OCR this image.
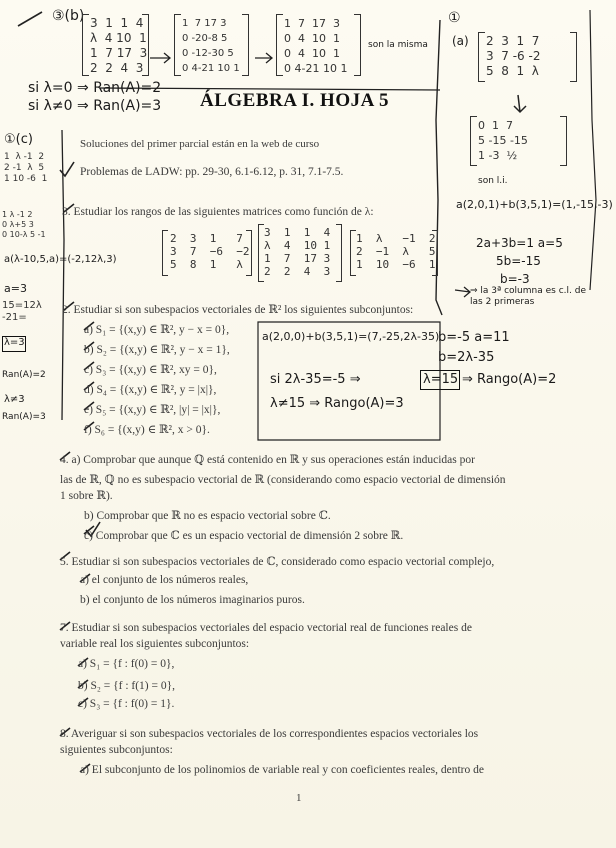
③(b) 3  1  1  4
λ  4 10  1
1  7 17  3
2  2  4  3
1  7 17 3
0 -20-8 5
0 -12-30 5
0 4-21 10 1
1  7  17  3
0  4  10  1
0  4  10  1
0 4-21 10 1
son la misma
si λ=0 ⇒ Ran(A)=2
si λ≠0 ⇒ Ran(A)=3 ÁLGEBRA I. HOJA 5
①
(a) 2  3  1  7
3  7 -6 -2
5  8  1  λ
0  1  7
5 -15 -15
1 -3  ½
son l.i.
a(2,0,1)+b(3,5,1)=(1,-15,-3)
2a+3b=1 a=5
5b=-15
b=-3
⇒ la 3ª columna es c.l. de las 2 primeras
①(c)
1  λ -1  2
2 -1  λ  5
1 10 -6  1
1 λ -1 2
0 λ+5 3
0 10-λ 5 -1
a(λ-10,5,a)=(-2,12λ,3)
a=3
15=12λ
-21=
λ=3
Ran(A)=2
λ≠3
Ran(A)=3
Soluciones del primer parcial están en la web de curso
Problemas de LADW: pp. 29-30, 6.1-6.12, p. 31, 7.1-7.5.
3. Estudiar los rangos de las siguientes matrices como función de λ:
2  3  1   7
3  7  −6  −2
5  8  1   λ
3  1  1  4
λ  4  10 1
1  7  17 3
2  2  4  3
1  λ   −1  2
2  −1  λ   5
1  10  −6  1
2. Estudiar si son subespacios vectoriales de ℝ² los siguientes subconjuntos:
a) S₁ = {(x,y) ∈ ℝ², y − x = 0},
b) S₂ = {(x,y) ∈ ℝ², y − x = 1},
c) S₃ = {(x,y) ∈ ℝ², xy = 0},
d) S₄ = {(x,y) ∈ ℝ², y = |x|},
e) S₅ = {(x,y) ∈ ℝ², |y| = |x|},
f) S₆ = {(x,y) ∈ ℝ², x > 0}.
a(2,0,0)+b(3,5,1)=(7,-25,2λ-35)
b=-5 a=11
b=2λ-35
si 2λ-35=-5 ⇒	λ=15 ⇒ Rango(A)=2
λ≠15 ⇒ Rango(A)=3
4. a) Comprobar que aunque ℚ está contenido en ℝ y sus operaciones están inducidas por
las de ℝ, ℚ no es subespacio vectorial de ℝ (considerando como espacio vectorial de dimensión
1 sobre ℝ).
b) Comprobar que ℝ no es espacio vectorial sobre ℂ.
c) Comprobar que ℂ es un espacio vectorial de dimensión 2 sobre ℝ.
5. Estudiar si son subespacios vectoriales de ℂ, considerado como espacio vectorial complejo,
a) el conjunto de los números reales,
b) el conjunto de los números imaginarios puros.
7. Estudiar si son subespacios vectoriales del espacio vectorial real de funciones reales de
variable real los siguientes subconjuntos:
a) S₁ = {f : f(0) = 0},
b) S₂ = {f : f(1) = 0},
c) S₃ = {f : f(0) = 1}.
8. Averiguar si son subespacios vectoriales de los correspondientes espacios vectoriales los
siguientes subconjuntos:
a) El subconjunto de los polinomios de variable real y con coeficientes reales, dentro de
1
